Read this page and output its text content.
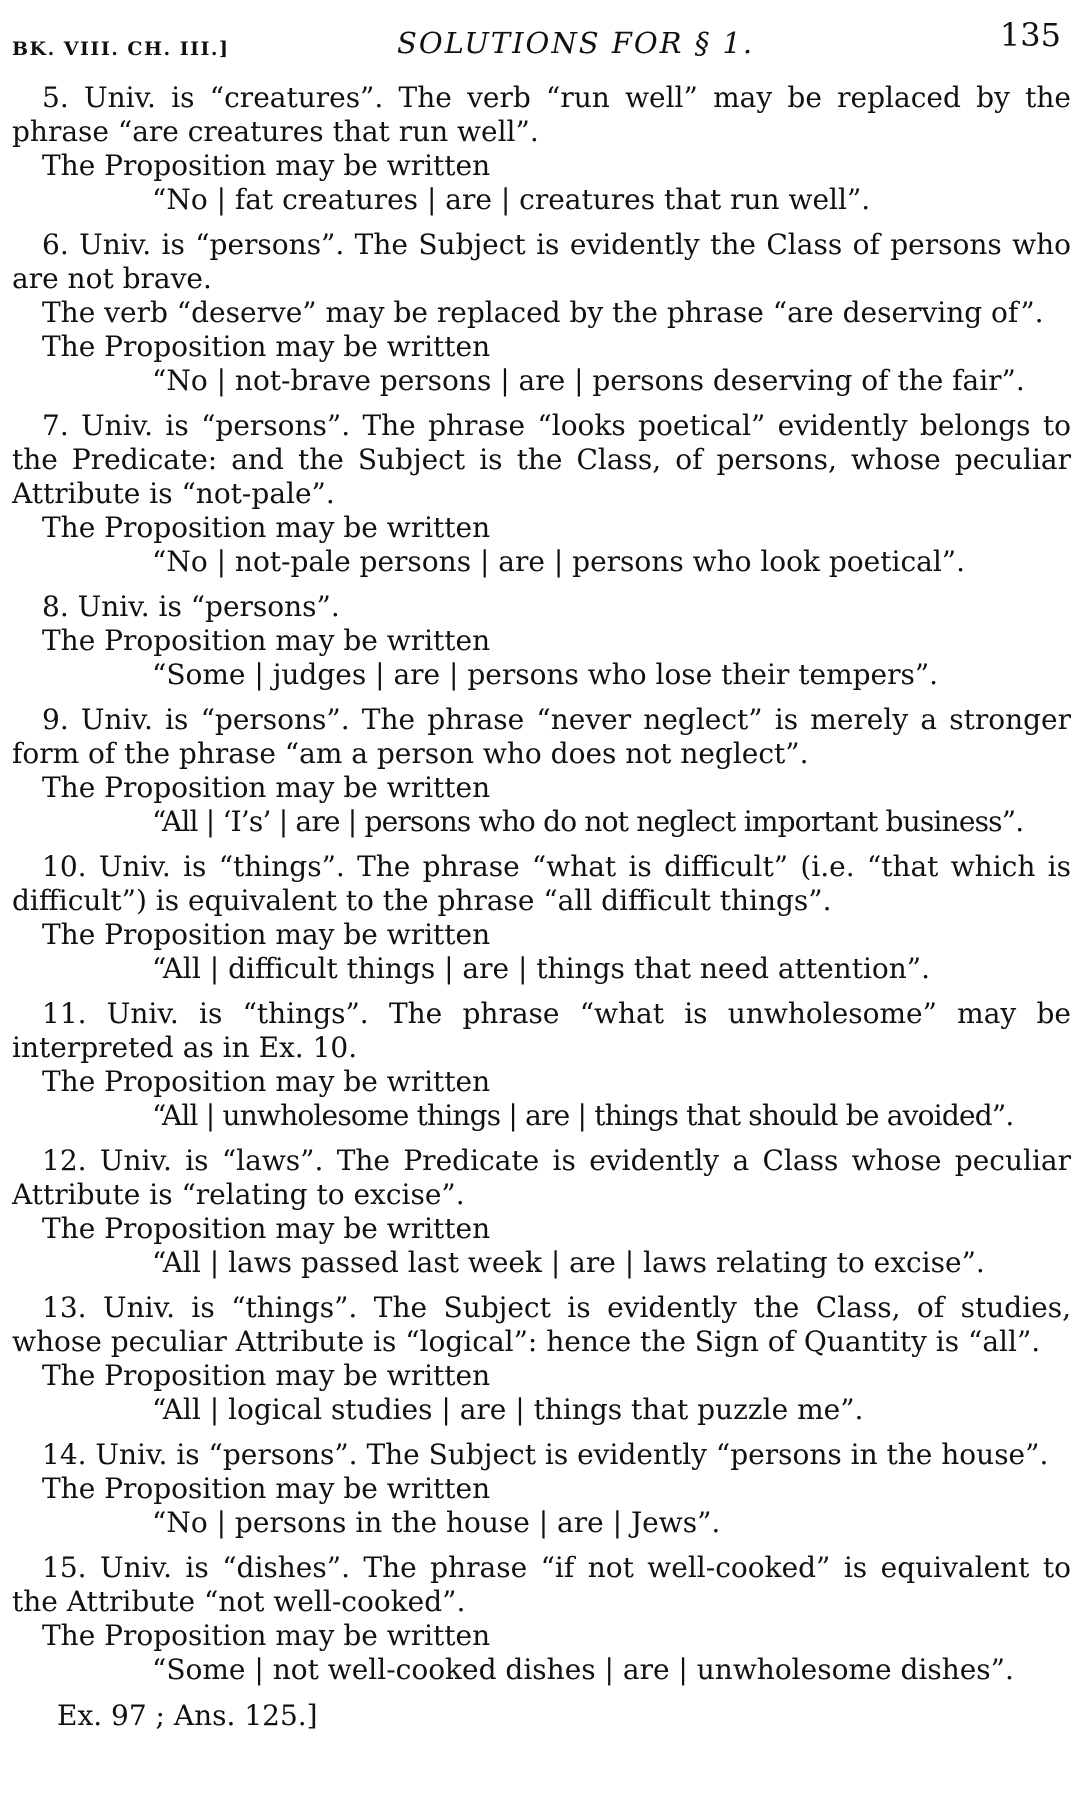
BK. VIII. CH. III.]	SOLUTIONS FOR § 1.	135

5. Univ. is “creatures”. The verb “run well” may be replaced by the phrase “are creatures that run well”.

The Proposition may be written

“No | fat creatures | are | creatures that run well”.

6. Univ. is “persons”. The Subject is evidently the Class of persons who are not brave.

The verb “deserve” may be replaced by the phrase “are deserving of”.

The Proposition may be written

“No | not-brave persons | are | persons deserving of the fair”.

7. Univ. is “persons”. The phrase “looks poetical” evidently belongs to the Predicate: and the Subject is the Class, of persons, whose peculiar Attribute is “not-pale”.

The Proposition may be written

“No | not-pale persons | are | persons who look poetical”.

8. Univ. is “persons”.

The Proposition may be written

“Some | judges | are | persons who lose their tempers”.

9. Univ. is “persons”. The phrase “never neglect” is merely a stronger form of the phrase “am a person who does not neglect”.

The Proposition may be written

“All | ‘I’s’ | are | persons who do not neglect important business”.

10. Univ. is “things”. The phrase “what is difficult” (i.e. “that which is difficult”) is equivalent to the phrase “all difficult things”.

The Proposition may be written

“All | difficult things | are | things that need attention”.

11. Univ. is “things”. The phrase “what is unwholesome” may be interpreted as in Ex. 10.

The Proposition may be written

“All | unwholesome things | are | things that should be avoided”.

12. Univ. is “laws”. The Predicate is evidently a Class whose peculiar Attribute is “relating to excise”.

The Proposition may be written

“All | laws passed last week | are | laws relating to excise”.

13. Univ. is “things”. The Subject is evidently the Class, of studies, whose peculiar Attribute is “logical”: hence the Sign of Quantity is “all”.

The Proposition may be written

“All | logical studies | are | things that puzzle me”.

14. Univ. is “persons”. The Subject is evidently “persons in the house”.

The Proposition may be written

“No | persons in the house | are | Jews”.

15. Univ. is “dishes”. The phrase “if not well-cooked” is equivalent to the Attribute “not well-cooked”.

The Proposition may be written

“Some | not well-cooked dishes | are | unwholesome dishes”.

Ex. 97 ; Ans. 125.]
